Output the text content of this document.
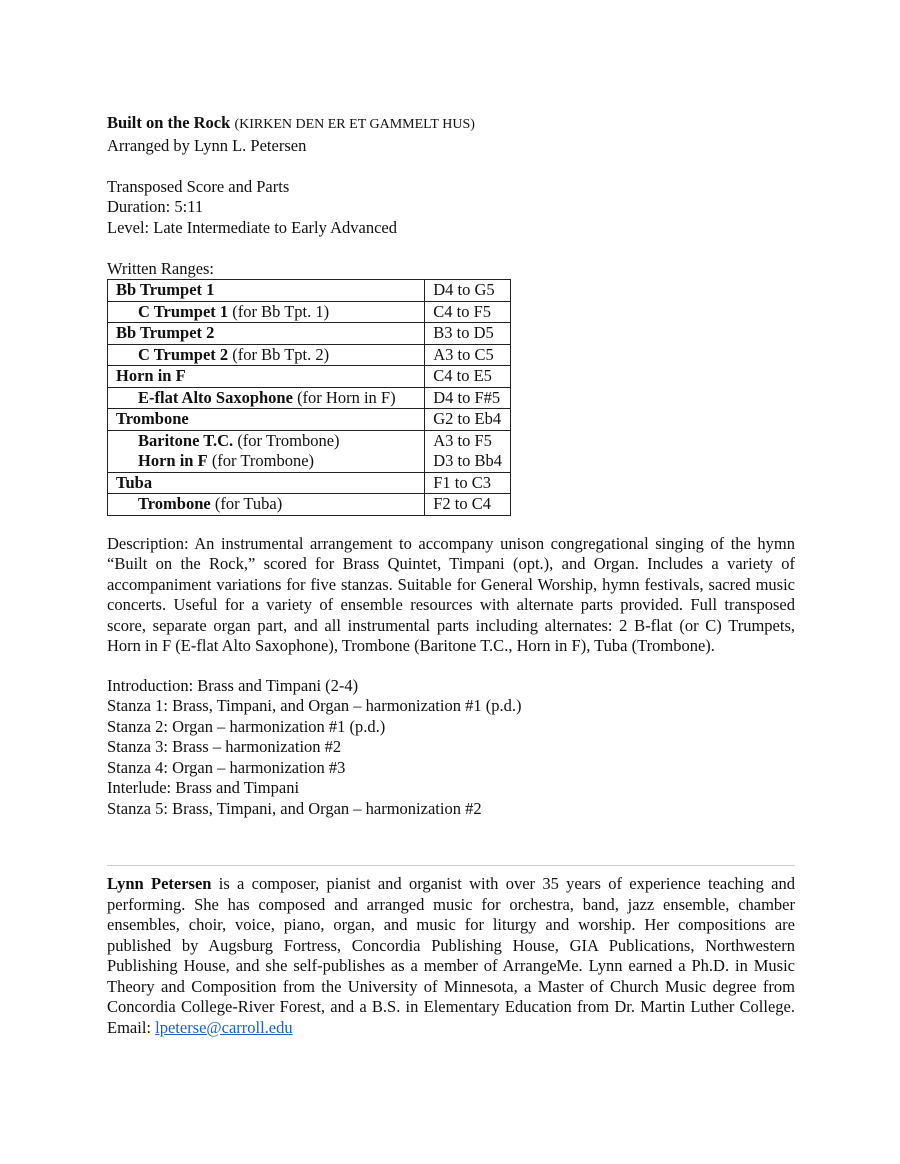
Built on the Rock (KIRKEN DEN ER ET GAMMELT HUS)
Arranged by Lynn L. Petersen
Transposed Score and Parts
Duration: 5:11
Level: Late Intermediate to Early Advanced
Written Ranges:
Bb Trumpet 1	D4 to G5
C Trumpet 1 (for Bb Tpt. 1)	C4 to F5
Bb Trumpet 2	B3 to D5
C Trumpet 2 (for Bb Tpt. 2)	A3 to C5
Horn in F	C4 to E5
E-flat Alto Saxophone (for Horn in F)	D4 to F#5
Trombone	G2 to Eb4
Baritone T.C. (for Trombone)	A3 to F5
Horn in F (for Trombone)	D3 to Bb4
Tuba	F1 to C3
Trombone (for Tuba)	F2 to C4
Description: An instrumental arrangement to accompany unison congregational singing of the hymn “Built on the Rock,” scored for Brass Quintet, Timpani (opt.), and Organ. Includes a variety of accompaniment variations for five stanzas. Suitable for General Worship, hymn festivals, sacred music concerts. Useful for a variety of ensemble resources with alternate parts provided. Full transposed score, separate organ part, and all instrumental parts including alternates: 2 B-flat (or C) Trumpets, Horn in F (E-flat Alto Saxophone), Trombone (Baritone T.C., Horn in F), Tuba (Trombone).
Introduction: Brass and Timpani (2-4)
Stanza 1: Brass, Timpani, and Organ – harmonization #1 (p.d.)
Stanza 2: Organ – harmonization #1 (p.d.)
Stanza 3: Brass – harmonization #2
Stanza 4: Organ – harmonization #3
Interlude: Brass and Timpani
Stanza 5: Brass, Timpani, and Organ – harmonization #2
Lynn Petersen is a composer, pianist and organist with over 35 years of experience teaching and performing. She has composed and arranged music for orchestra, band, jazz ensemble, chamber ensembles, choir, voice, piano, organ, and music for liturgy and worship. Her compositions are published by Augsburg Fortress, Concordia Publishing House, GIA Publications, Northwestern Publishing House, and she self-publishes as a member of ArrangeMe. Lynn earned a Ph.D. in Music Theory and Composition from the University of Minnesota, a Master of Church Music degree from Concordia College-River Forest, and a B.S. in Elementary Education from Dr. Martin Luther College. Email: lpeterse@carroll.edu
